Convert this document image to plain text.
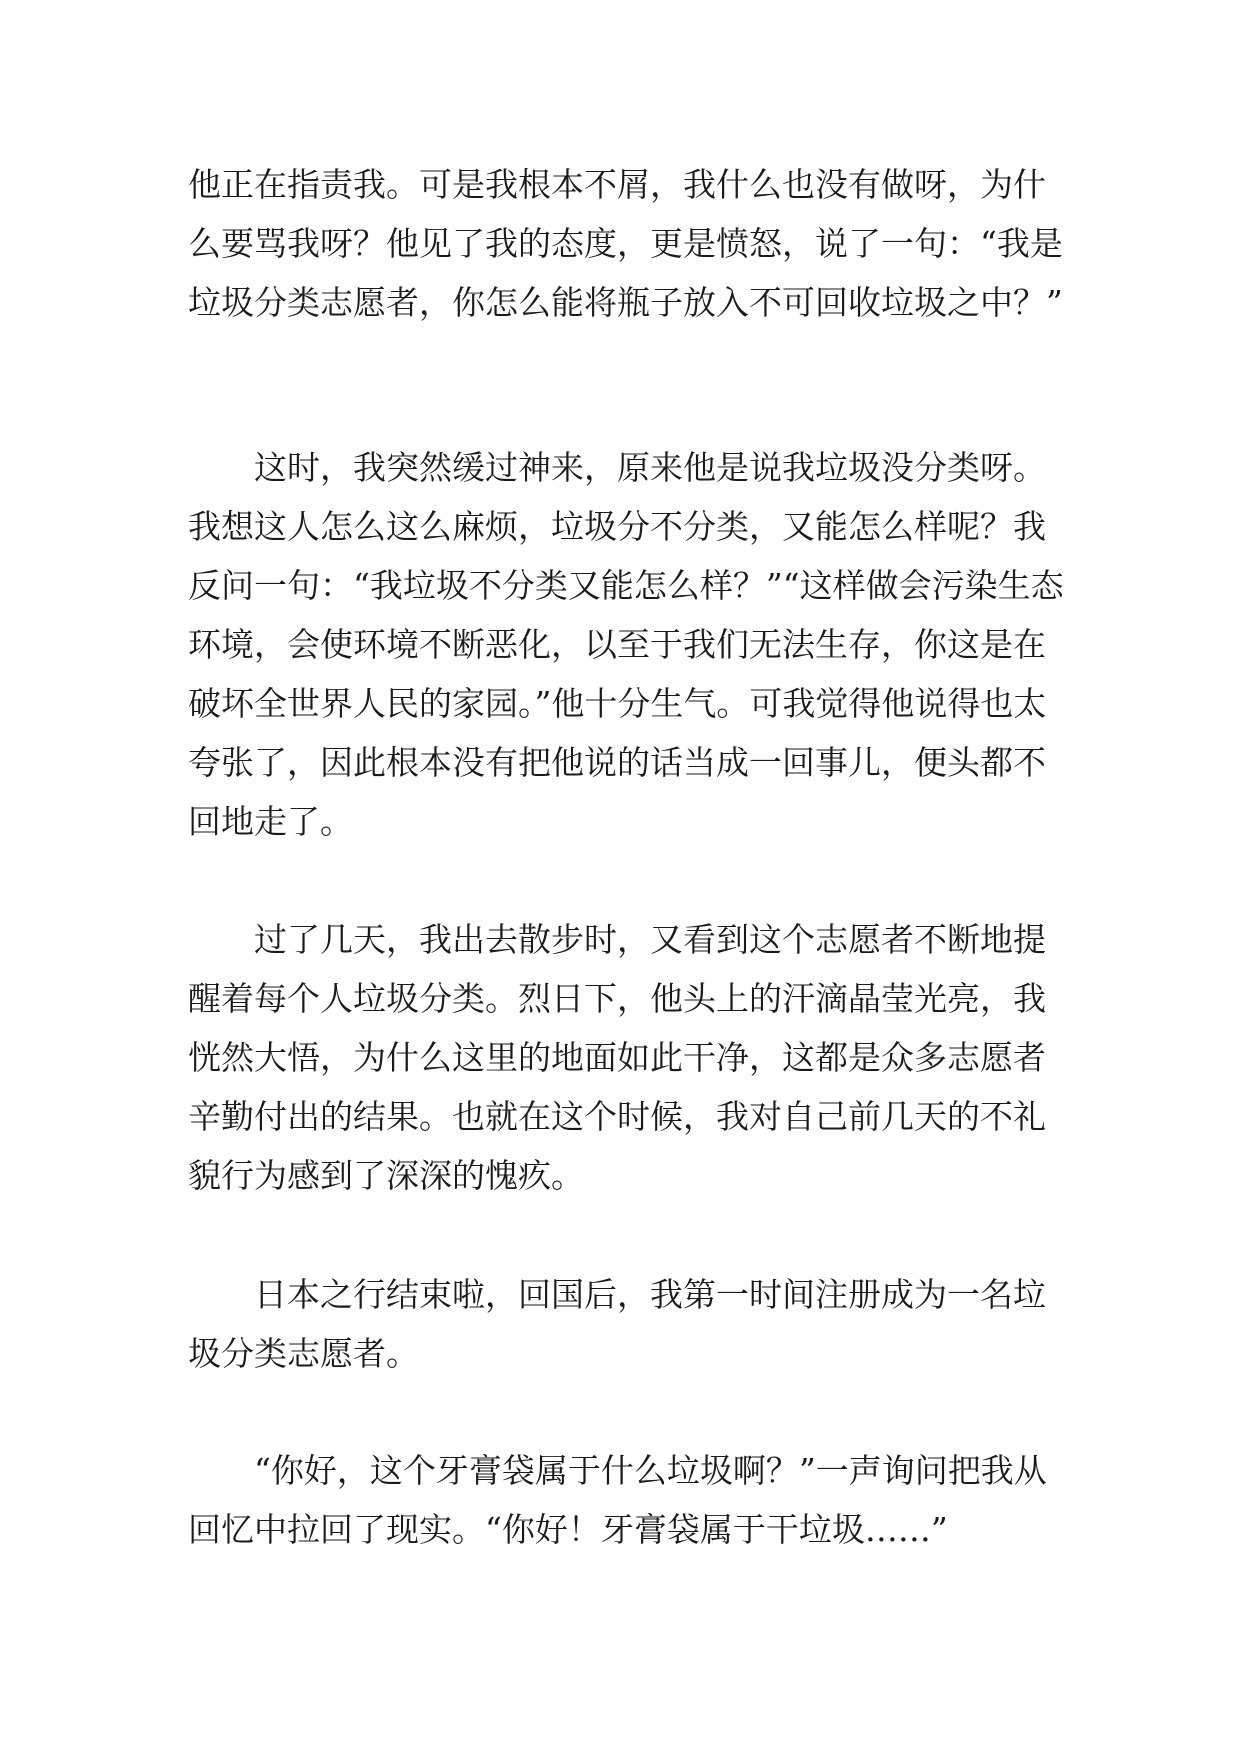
他正在指责我。可是我根本不屑，我什么也没有做呀，为什么要骂我呀？他见了我的态度，更是愤怒，说了一句：“我是垃圾分类志愿者，你怎么能将瓶子放入不可回收垃圾之中？”

　　这时，我突然缓过神来，原来他是说我垃圾没分类呀。我想这人怎么这么麻烦，垃圾分不分类，又能怎么样呢？我反问一句：“我垃圾不分类又能怎么样？”“这样做会污染生态环境，会使环境不断恶化，以至于我们无法生存，你这是在破坏全世界人民的家园。”他十分生气。可我觉得他说得也太夸张了，因此根本没有把他说的话当成一回事儿，便头都不回地走了。

　　过了几天，我出去散步时，又看到这个志愿者不断地提醒着每个人垃圾分类。烈日下，他头上的汗滴晶莹光亮，我恍然大悟，为什么这里的地面如此干净，这都是众多志愿者辛勤付出的结果。也就在这个时候，我对自己前几天的不礼貌行为感到了深深的愧疚。

　　日本之行结束啦，回国后，我第一时间注册成为一名垃圾分类志愿者。

　　“你好，这个牙膏袋属于什么垃圾啊？”一声询问把我从回忆中拉回了现实。“你好！牙膏袋属于干垃圾……”
